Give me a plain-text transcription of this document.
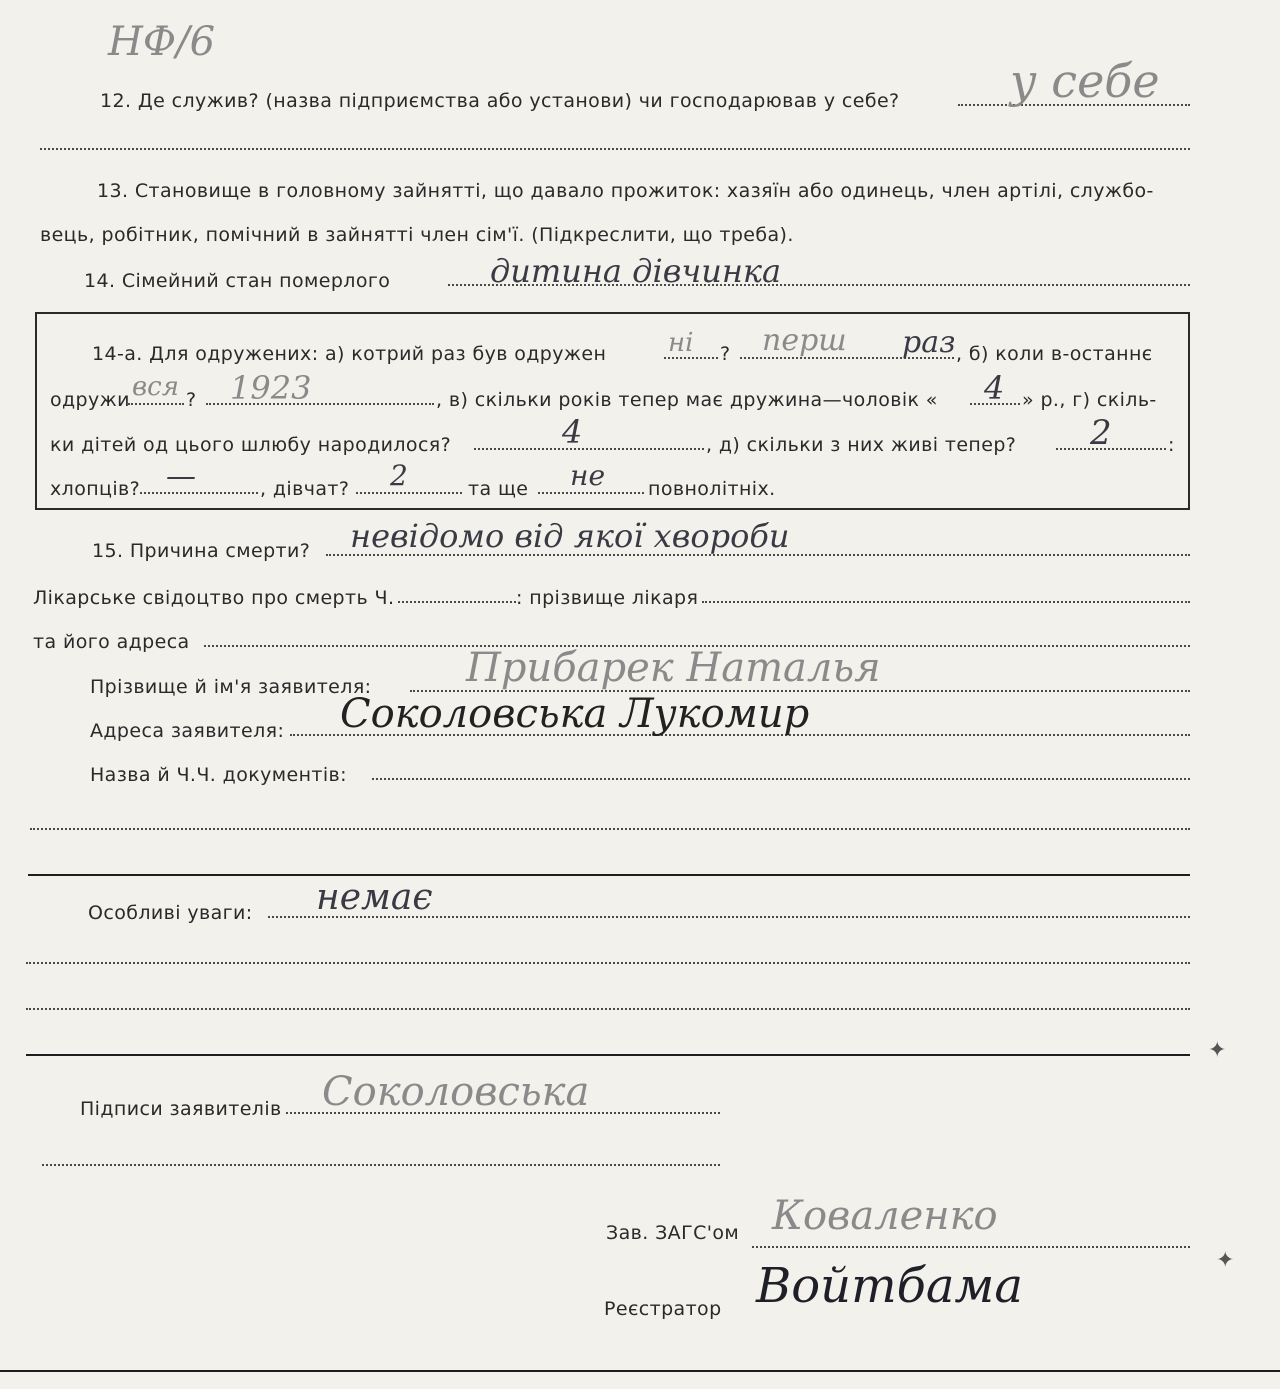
НФ/6
12. Де служив? (назва підприємства або установи) чи господарював у себе? у себе
13. Становище в головному зайнятті, що давало прожиток: хазяїн або одинець, член артілі, службо-
вець, робітник, помічний в зайнятті член сім'ї. (Підкреслити, що треба).
14. Сімейний стан померлого	дитина дівчинка
14-а. Для одружених: а) котрий раз був одружен ні ? перш раз , б) коли в-останнє
одружи вся ? 1923	, в) скільки років тепер має дружина—чоловік « 4 » р., г) скіль-
ки дітей од цього шлюбу народилося?	4	, д) скільки з них живі тепер? 2	:
хлопців? —	, дівчат? 2	та ще не повнолітніх.
15. Причина смерти? невідомо від якої хвороби
Лікарське свідоцтво про смерть Ч.	: прізвище лікаря
та його адреса
Прізвище й ім'я заявителя: Прибарек Наталья
Адреса заявителя: Соколовська Лукомир
Назва й Ч.Ч. документів:
Особливі уваги: немає
✦
Підписи заявителів Соколовська
Зав. ЗАГС'ом Коваленко
✦
Реєстратор Войтбама
